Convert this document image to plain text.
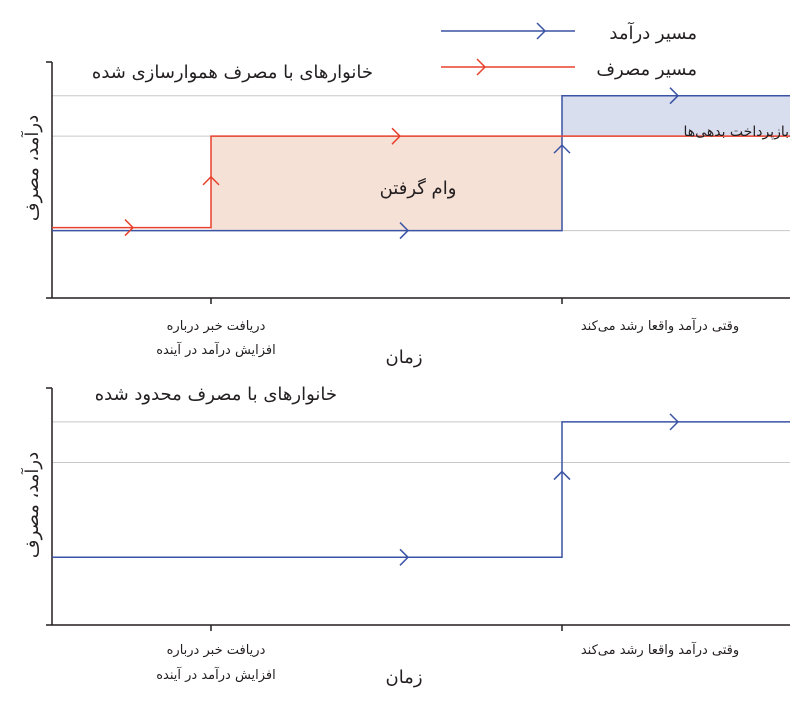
مسیر درآمد
مسیر مصرف
خانوارهای با مصرف هموارسازی شده
درآمد، مصرف
زمان
دریافت خبر درباره
افزایش درآمد در آینده
وقتی درآمد واقعا رشد می‌کند
وام گرفتن
بازپرداخت بدهی‌ها
خانوارهای با مصرف محدود شده
درآمد، مصرف
زمان
دریافت خبر درباره
افزایش درآمد در آینده
وقتی درآمد واقعا رشد می‌کند
